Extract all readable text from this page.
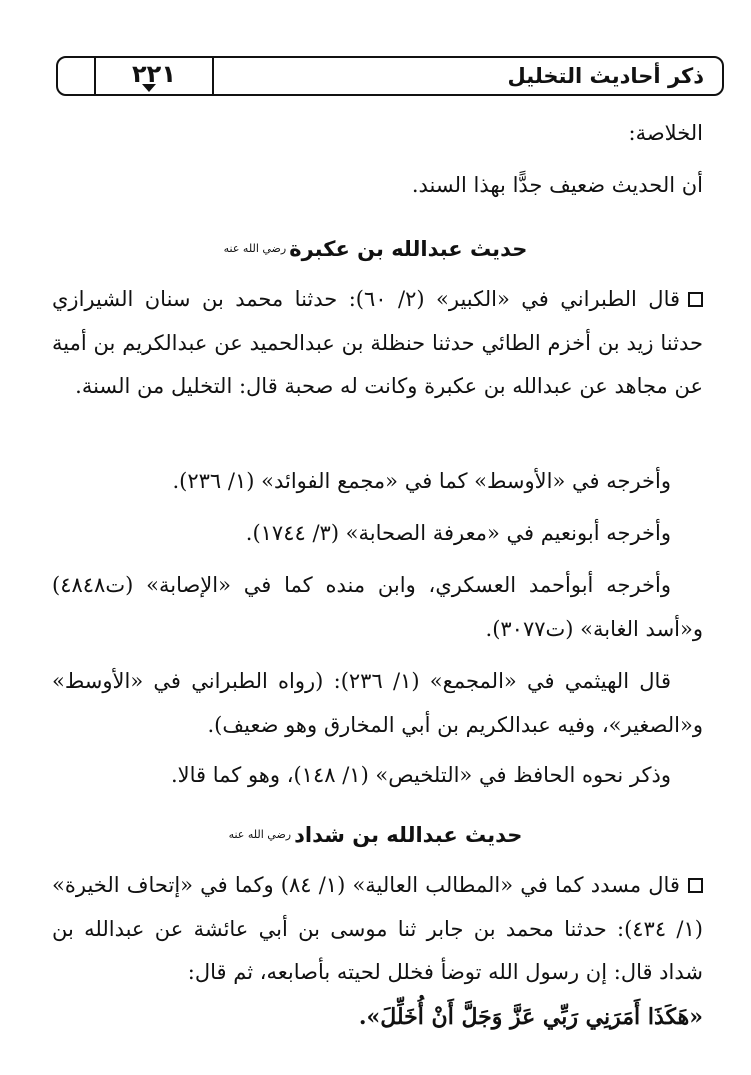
ذكر أحاديث التخليل
٢٢١
الخلاصة:
أن الحديث ضعيف جدًّا بهذا السند.
حديث عبدالله بن عكبرة$^{رضي الله عنه}$
قال الطبراني في «الكبير» (٢/ ٦٠): حدثنا محمد بن سنان الشيرازي حدثنا زيد بن أخزم الطائي حدثنا حنظلة بن عبدالحميد عن عبدالكريم بن أمية عن مجاهد عن عبدالله بن عكبرة وكانت له صحبة قال: التخليل من السنة.
وأخرجه في «الأوسط» كما في «مجمع الفوائد» (١/ ٢٣٦).
وأخرجه أبونعيم في «معرفة الصحابة» (٣/ ١٧٤٤).
وأخرجه أبوأحمد العسكري، وابن منده كما في «الإصابة» (ت٤٨٤٨) و«أسد الغابة» (ت٣٠٧٧).
قال الهيثمي في «المجمع» (١/ ٢٣٦): (رواه الطبراني في «الأوسط» و«الصغير»، وفيه عبدالكريم بن أبي المخارق وهو ضعيف).
وذكر نحوه الحافظ في «التلخيص» (١/ ١٤٨)، وهو كما قالا.
حديث عبدالله بن شداد$^{رضي الله عنه}$
قال مسدد كما في «المطالب العالية» (١/ ٨٤) وكما في «إتحاف الخيرة» (١/ ٤٣٤): حدثنا محمد بن جابر ثنا موسى بن أبي عائشة عن عبدالله بن شداد قال: إن رسول الله توضأ فخلل لحيته بأصابعه، ثم قال:
«هَكَذَا أَمَرَنِي رَبِّي عَزَّ وَجَلَّ أَنْ أُخَلِّلَ».
